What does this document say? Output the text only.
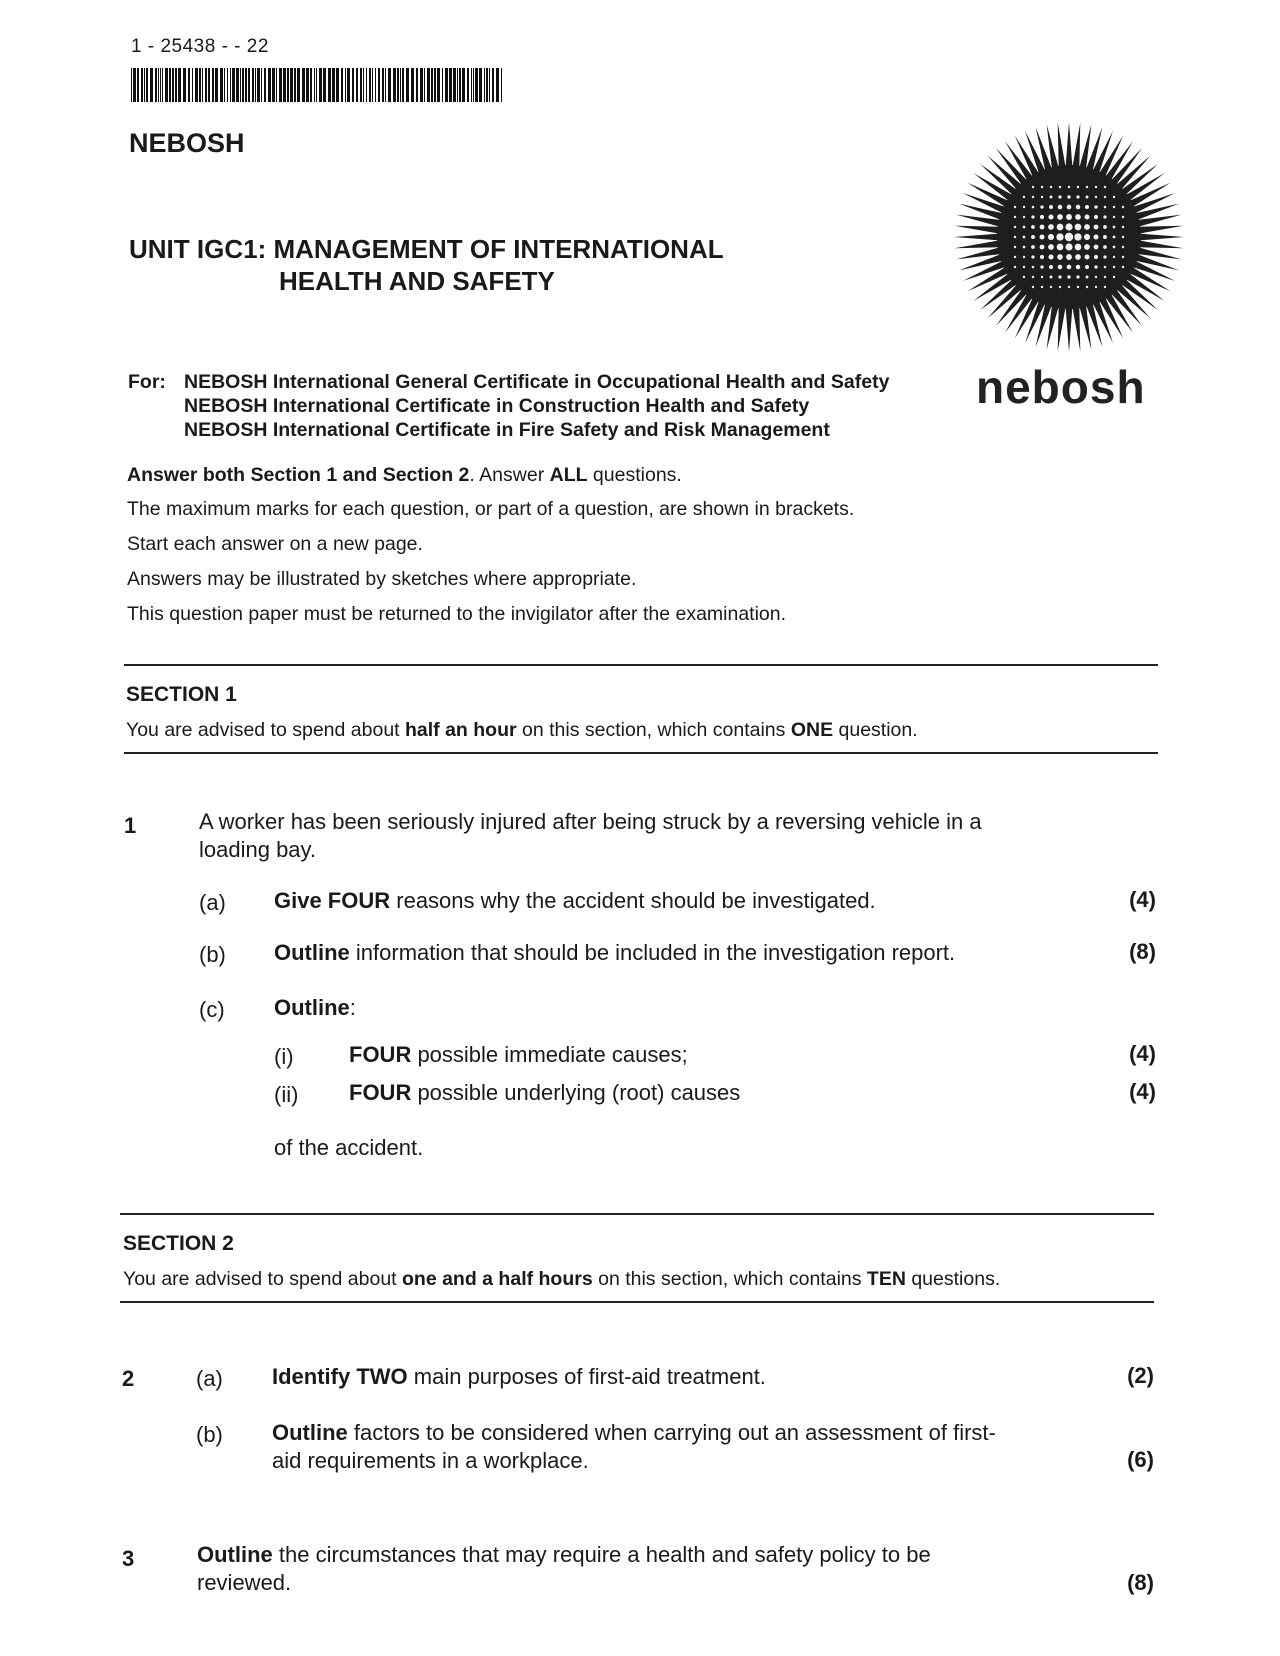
1 - 25438 - - 22
NEBOSH
UNIT IGC1: MANAGEMENT OF INTERNATIONAL
HEALTH AND SAFETY
nebosh
For: NEBOSH International General Certificate in Occupational Health and Safety
NEBOSH International Certificate in Construction Health and Safety
NEBOSH International Certificate in Fire Safety and Risk Management
Answer both Section 1 and Section 2. Answer ALL questions.
The maximum marks for each question, or part of a question, are shown in brackets.
Start each answer on a new page.
Answers may be illustrated by sketches where appropriate.
This question paper must be returned to the invigilator after the examination.
SECTION 1
You are advised to spend about half an hour on this section, which contains ONE question.
1	A worker has been seriously injured after being struck by a reversing vehicle in a
loading bay.
(a) Give FOUR reasons why the accident should be investigated.	(4)
(b) Outline information that should be included in the investigation report.	(8)
(c) Outline:
(i)	FOUR possible immediate causes;	(4)
(ii) FOUR possible underlying (root) causes	(4)
of the accident.
SECTION 2
You are advised to spend about one and a half hours on this section, which contains TEN questions.
2	(a) Identify TWO main purposes of first-aid treatment.	(2)
(b) Outline factors to be considered when carrying out an assessment of first-
aid requirements in a workplace.	(6)
3	Outline the circumstances that may require a health and safety policy to be
reviewed.	(8)
